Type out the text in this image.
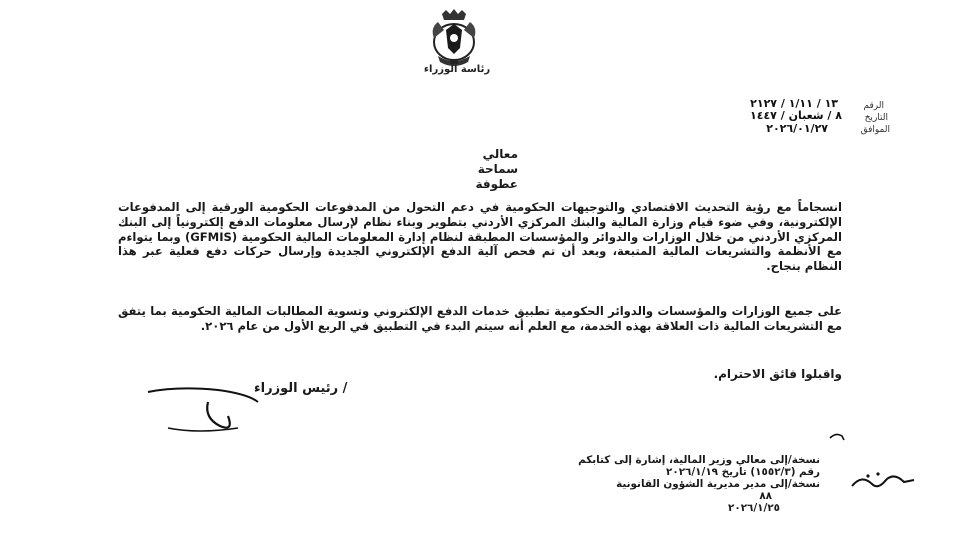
رئاسة الوزراء
الرقم
١٣ / ١/١١ / ٢١٢٧
التاريخ
٨ / شعبان / ١٤٤٧
الموافق
٢٠٢٦/٠١/٢٧
معالي
سماحة
عطوفة
انسجاماً مع رؤية التحديث الاقتصادي والتوجيهات الحكومية في دعم التحول من المدفوعات الحكومية الورقية إلى المدفوعات الإلكترونية، وفي ضوء قيام وزارة المالية والبنك المركزي الأردني بتطوير وبناء نظام لإرسال معلومات الدفع إلكترونياً إلى البنك المركزي الأردني من خلال الوزارات والدوائر والمؤسسات المطبقة لنظام إدارة المعلومات المالية الحكومية (GFMIS) وبما يتواءم مع الأنظمة والتشريعات المالية المتبعة، وبعد أن تم فحص آلية الدفع الإلكتروني الجديدة وإرسال حركات دفع فعلية عبر هذا النظام بنجاح.
على جميع الوزارات والمؤسسات والدوائر الحكومية تطبيق خدمات الدفع الإلكتروني وتسوية المطالبات المالية الحكومية بما يتفق مع التشريعات المالية ذات العلاقة بهذه الخدمة، مع العلم أنه سيتم البدء في التطبيق في الربع الأول من عام ٢٠٢٦.
واقبلوا فائق الاحترام.
/ رئيس الوزراء
نسخة/إلى معالي وزير المالية، إشارة إلى كتابكم
رقم (١٥٥٢/٣) تاريخ ٢٠٢٦/١/١٩
نسخة/إلى مدير مديرية الشؤون القانونية
٨٨
٢٠٢٦/١/٢٥
